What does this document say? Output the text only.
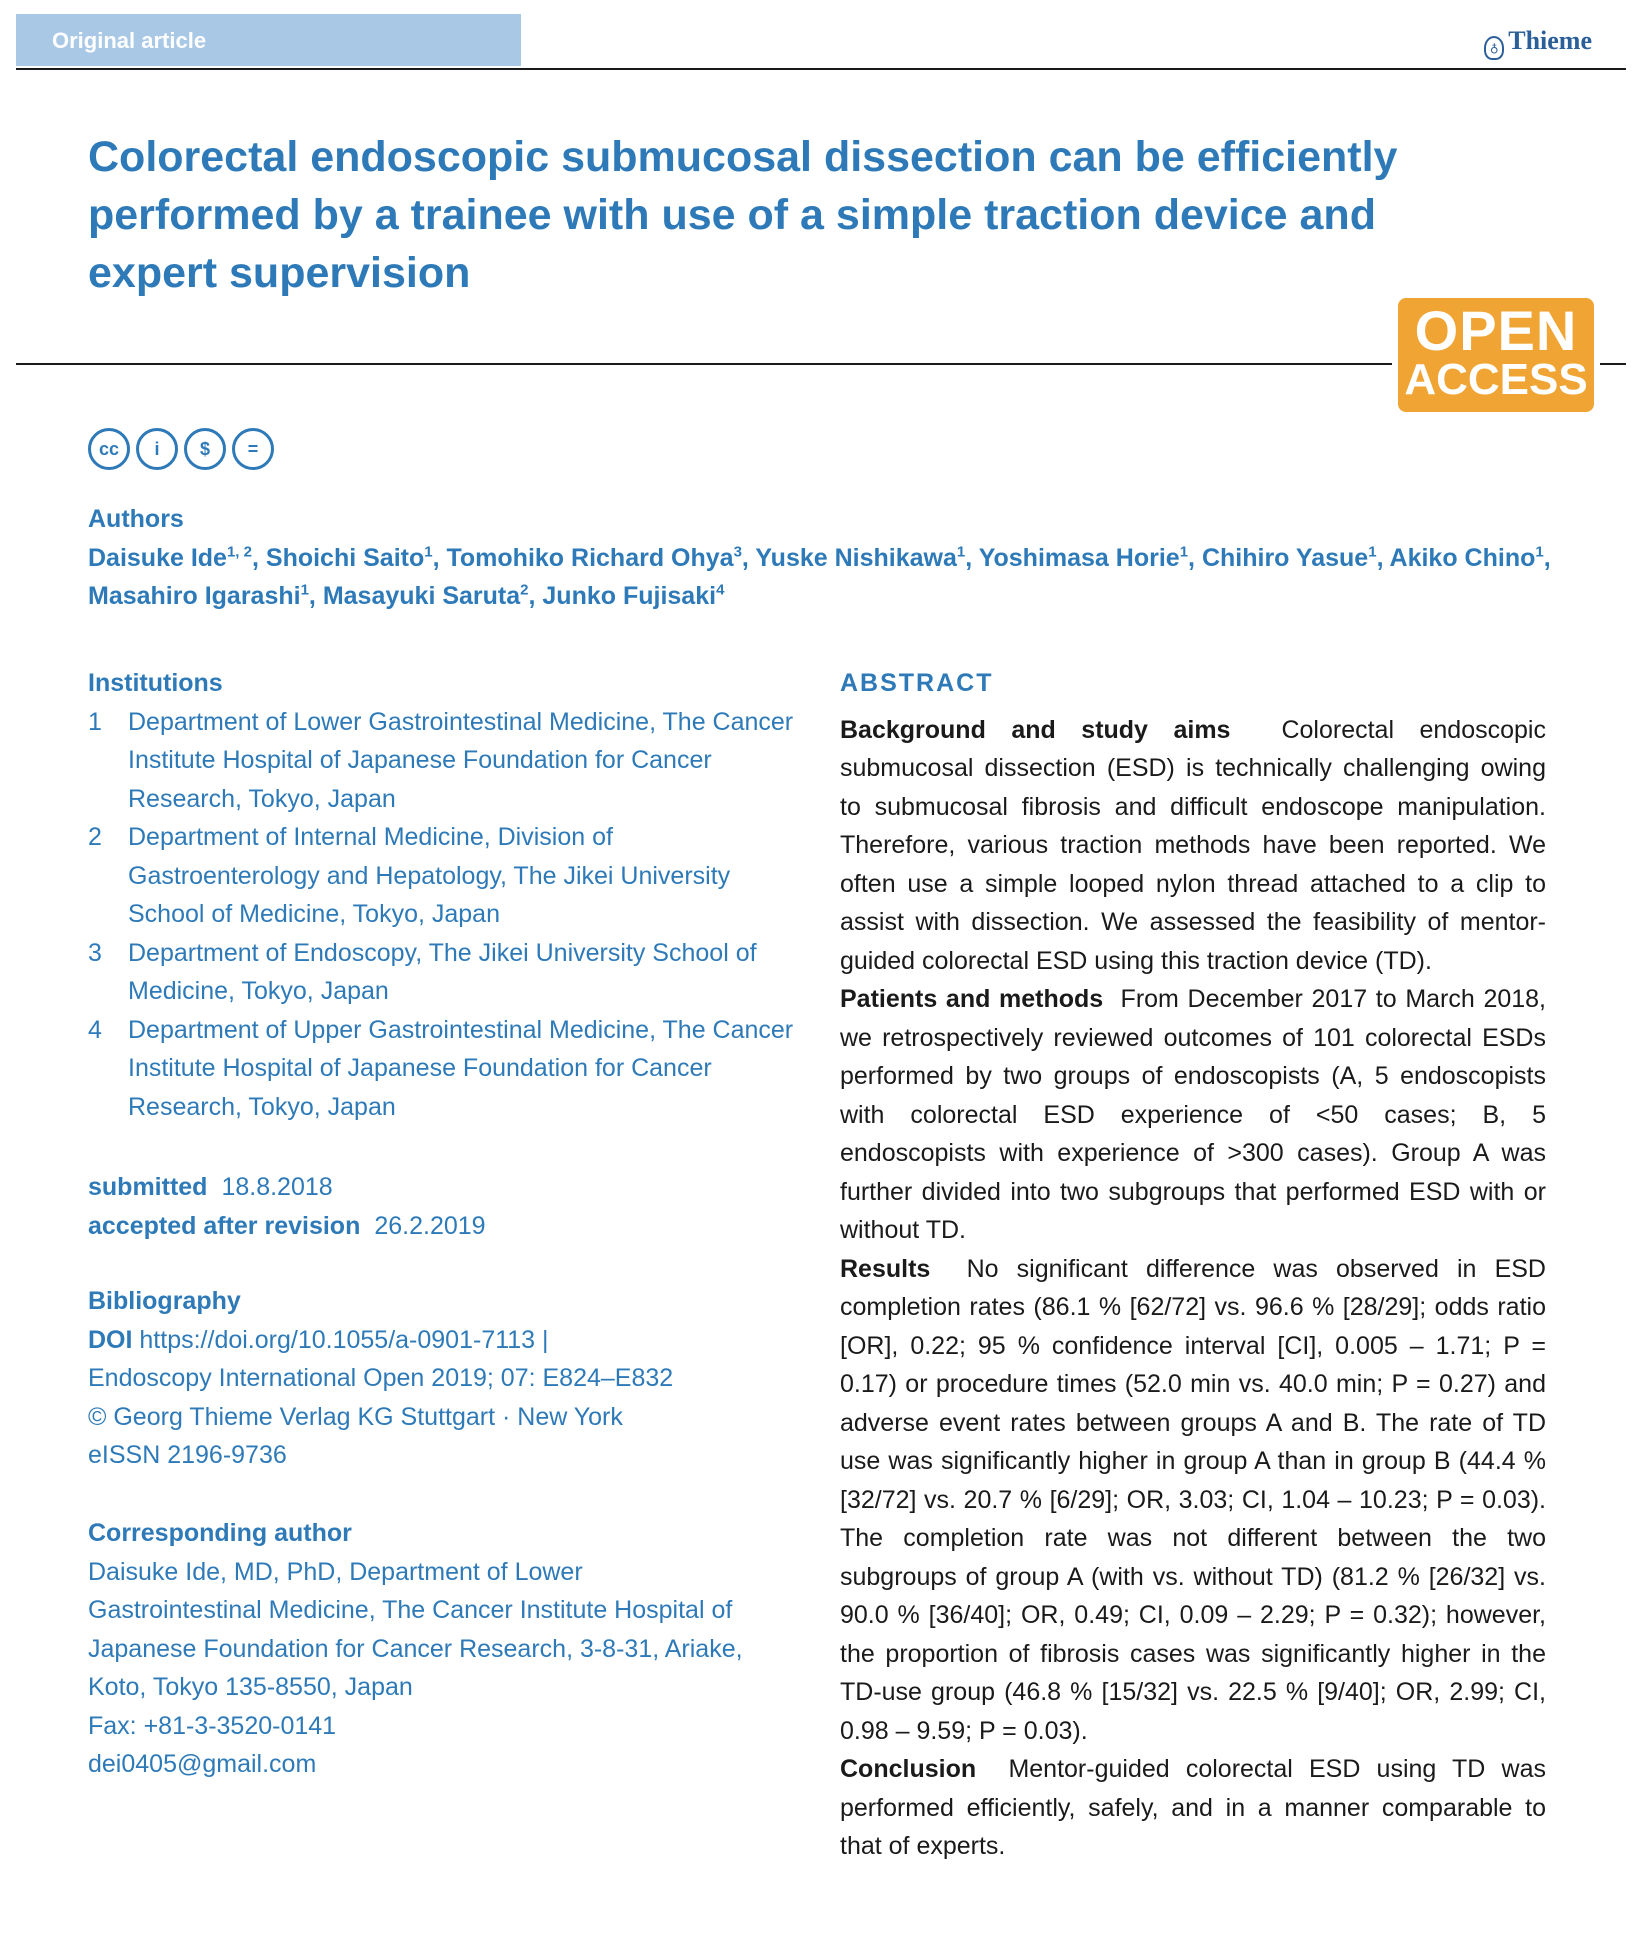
Original article	♁ Thieme
Colorectal endoscopic submucosal dissection can be efficiently performed by a trainee with use of a simple traction device and expert supervision
OPEN
ACCESS
cc i $ =
Authors
Daisuke Ide$^{1, 2}$, Shoichi Saito$^1$, Tomohiko Richard Ohya$^3$, Yuske Nishikawa$^1$, Yoshimasa Horie$^1$, Chihiro Yasue$^1$, Akiko Chino$^1$, Masahiro Igarashi$^1$, Masayuki Saruta$^2$, Junko Fujisaki$^4$
Institutions
1	Department of Lower Gastrointestinal Medicine, The Cancer Institute Hospital of Japanese Foundation for Cancer Research, Tokyo, Japan
2	Department of Internal Medicine, Division of Gastroenterology and Hepatology, The Jikei University School of Medicine, Tokyo, Japan
3	Department of Endoscopy, The Jikei University School of Medicine, Tokyo, Japan
4	Department of Upper Gastrointestinal Medicine, The Cancer Institute Hospital of Japanese Foundation for Cancer Research, Tokyo, Japan
submitted 18.8.2018
accepted after revision 26.2.2019
Bibliography
DOI https://doi.org/10.1055/a-0901-7113 |
Endoscopy International Open 2019; 07: E824–E832
© Georg Thieme Verlag KG Stuttgart · New York
eISSN 2196-9736
Corresponding author
Daisuke Ide, MD, PhD, Department of Lower
Gastrointestinal Medicine, The Cancer Institute Hospital of
Japanese Foundation for Cancer Research, 3-8-31, Ariake,
Koto, Tokyo 135-8550, Japan
Fax: +81-3-3520-0141
dei0405@gmail.com
ABSTRACT

Background and study aims Colorectal endoscopic submucosal dissection (ESD) is technically challenging owing to submucosal fibrosis and difficult endoscope manipulation. Therefore, various traction methods have been reported. We often use a simple looped nylon thread attached to a clip to assist with dissection. We assessed the feasibility of mentor-guided colorectal ESD using this traction device (TD).

Patients and methods From December 2017 to March 2018, we retrospectively reviewed outcomes of 101 colorectal ESDs performed by two groups of endoscopists (A, 5 endoscopists with colorectal ESD experience of <50 cases; B, 5 endoscopists with experience of >300 cases). Group A was further divided into two subgroups that performed ESD with or without TD.

Results No significant difference was observed in ESD completion rates (86.1 % [62/72] vs. 96.6 % [28/29]; odds ratio [OR], 0.22; 95 % confidence interval [CI], 0.005 – 1.71; P = 0.17) or procedure times (52.0 min vs. 40.0 min; P = 0.27) and adverse event rates between groups A and B. The rate of TD use was significantly higher in group A than in group B (44.4 % [32/72] vs. 20.7 % [6/29]; OR, 3.03; CI, 1.04 – 10.23; P = 0.03). The completion rate was not different between the two subgroups of group A (with vs. without TD) (81.2 % [26/32] vs. 90.0 % [36/40]; OR, 0.49; CI, 0.09 – 2.29; P = 0.32); however, the proportion of fibrosis cases was significantly higher in the TD-use group (46.8 % [15/32] vs. 22.5 % [9/40]; OR, 2.99; CI, 0.98 – 9.59; P = 0.03).

Conclusion Mentor-guided colorectal ESD using TD was performed efficiently, safely, and in a manner comparable to that of experts.
